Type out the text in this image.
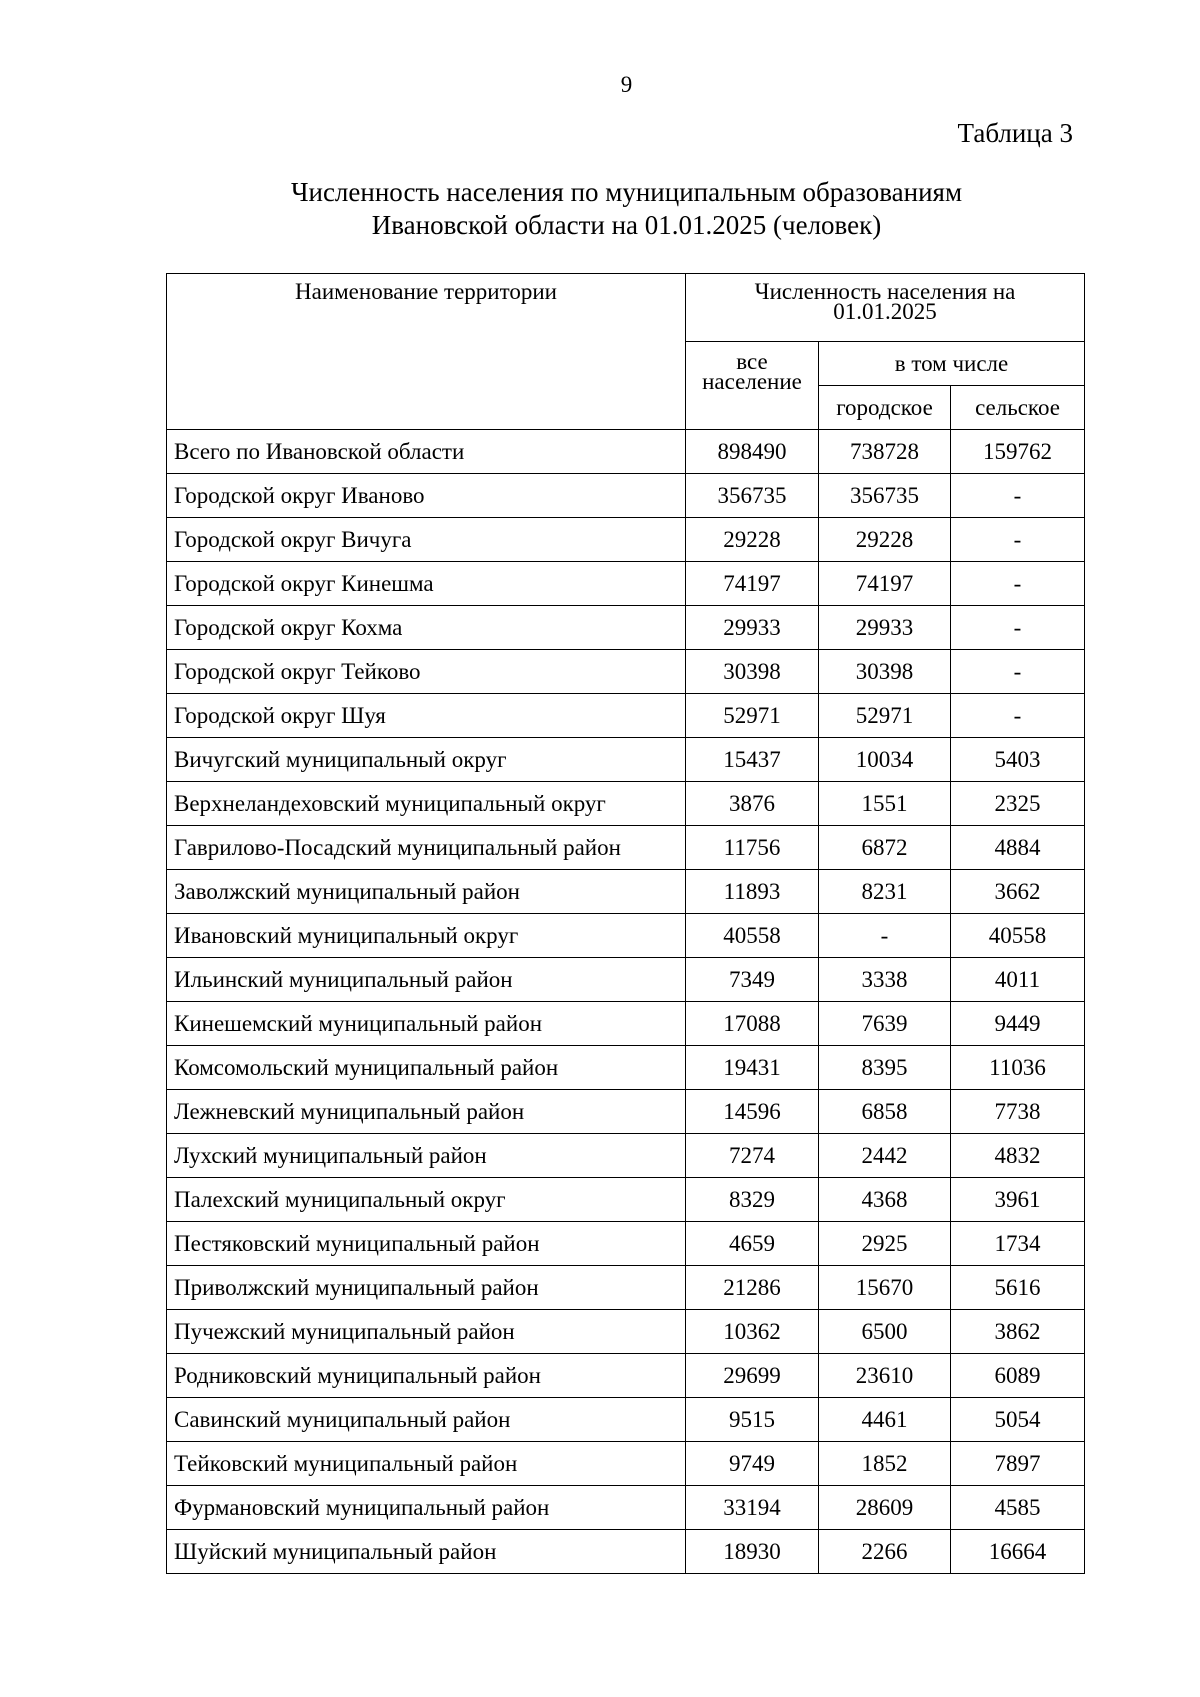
9

Таблица 3

Численность населения по муниципальным образованиям
Ивановской области на 01.01.2025 (человек)
Наименование территории	Численность населения на 01.01.2025		
	все население	в том числе	
		городское	сельское
Всего по Ивановской области	898490	738728	159762
Городской округ Иваново	356735	356735	-
Городской округ Вичуга	29228	29228	-
Городской округ Кинешма	74197	74197	-
Городской округ Кохма	29933	29933	-
Городской округ Тейково	30398	30398	-
Городской округ Шуя	52971	52971	-
Вичугский муниципальный округ	15437	10034	5403
Верхнеландеховский муниципальный округ	3876	1551	2325
Гаврилово-Посадский муниципальный район	11756	6872	4884
Заволжский муниципальный район	11893	8231	3662
Ивановский муниципальный округ	40558	-	40558
Ильинский муниципальный район	7349	3338	4011
Кинешемский муниципальный район	17088	7639	9449
Комсомольский муниципальный район	19431	8395	11036
Лежневский муниципальный район	14596	6858	7738
Лухский муниципальный район	7274	2442	4832
Палехский муниципальный округ	8329	4368	3961
Пестяковский муниципальный район	4659	2925	1734
Приволжский муниципальный район	21286	15670	5616
Пучежский муниципальный район	10362	6500	3862
Родниковский муниципальный район	29699	23610	6089
Савинский муниципальный район	9515	4461	5054
Тейковский муниципальный район	9749	1852	7897
Фурмановский муниципальный район	33194	28609	4585
Шуйский муниципальный район	18930	2266	16664
